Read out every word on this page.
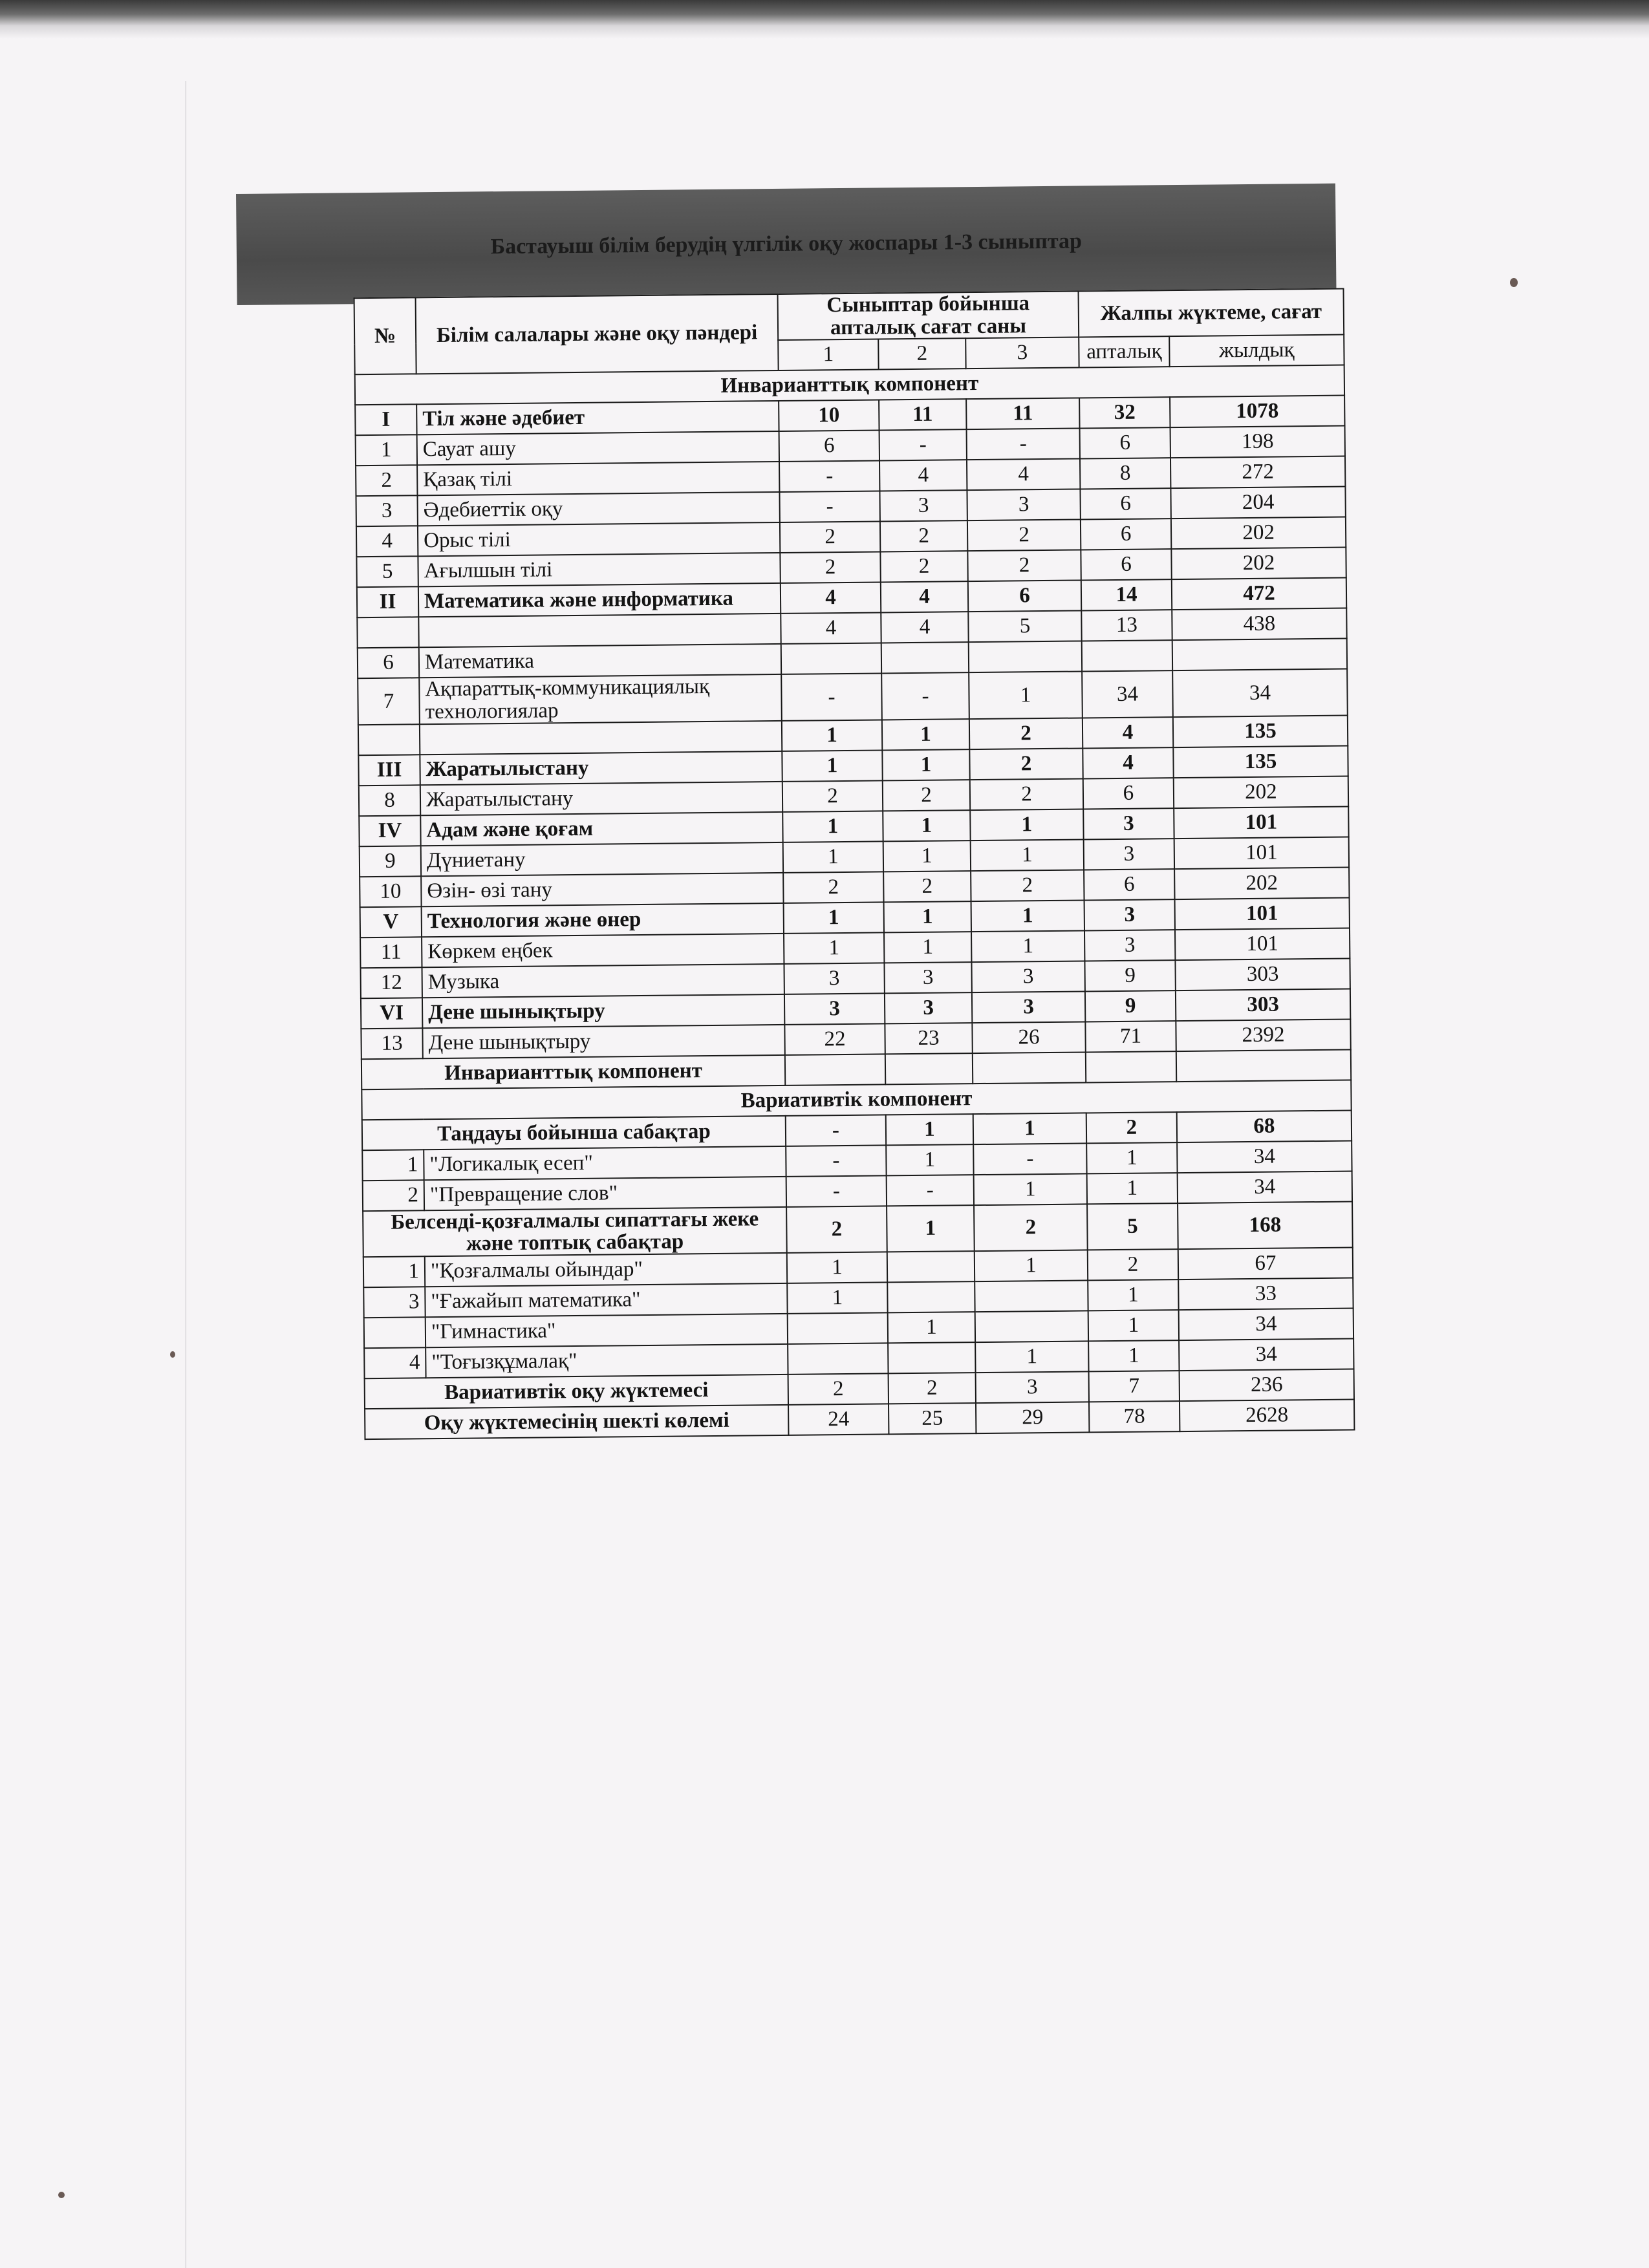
Бастауыш білім берудің үлгілік оқу жоспары 1-3 сыныптар
№	Білім салалары және оқу пәндері	Сыныптар бойынша апталық сағат саны			Жалпы жүктеме, сағат	
		1	2	3	апталық	жылдық
Инварианттық компонент						
I	Тіл және әдебиет	10	11	11	32	1078
1	Сауат ашу	6	-	-	6	198
2	Қазақ тілі	-	4	4	8	272
3	Әдебиеттік оқу	-	3	3	6	204
4	Орыс тілі	2	2	2	6	202
5	Ағылшын тілі	2	2	2	6	202
II	Математика және информатика	4	4	6	14	472
		4	4	5	13	438
6	Математика					
7	Ақпараттық-коммуникациялық технологиялар	-	-	1	34	34
		1	1	2	4	135
III	Жаратылыстану	1	1	2	4	135
8	Жаратылыстану	2	2	2	6	202
IV	Адам және қоғам	1	1	1	3	101
9	Дүниетану	1	1	1	3	101
10	Өзін- өзі тану	2	2	2	6	202
V	Технология және өнер	1	1	1	3	101
11	Көркем еңбек	1	1	1	3	101
12	Музыка	3	3	3	9	303
VI	Дене шынықтыру	3	3	3	9	303
13	Дене шынықтыру	22	23	26	71	2392
Инварианттық компонент						
Вариативтік компонент						
Таңдауы бойынша сабақтар		-	1	1	2	68
1	"Логикалық есеп"	-	1	-	1	34
2	"Превращение слов"	-	-	1	1	34
Белсенді-қозғалмалы сипаттағы жеке және топтық сабақтар		2	1	2	5	168
1	"Қозғалмалы ойындар"	1		1	2	67
3	"Ғажайып математика"	1			1	33
	"Гимнастика"		1		1	34
4	"Тоғызқұмалақ"			1	1	34
Вариативтік оқу жүктемесі		2	2	3	7	236
Оқу жүктемесінің шекті көлемі		24	25	29	78	2628
